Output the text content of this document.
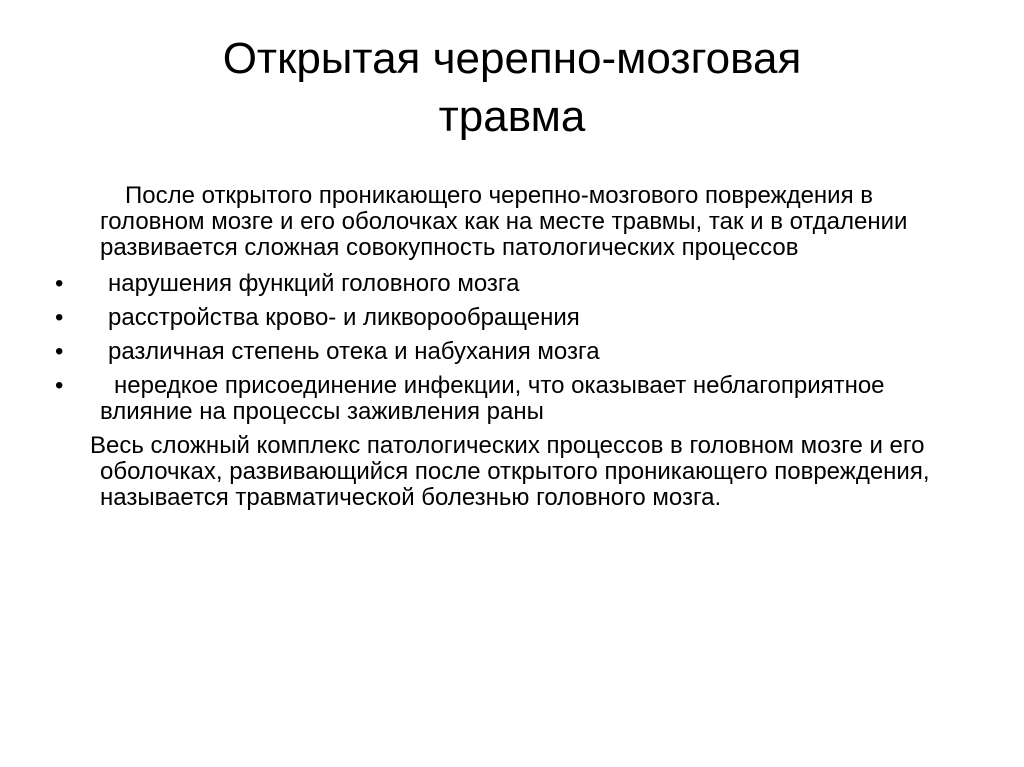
Открытая черепно-мозговая
травма

После открытого проникающего черепно-мозгового повреждения в головном мозге и его оболочках как на месте травмы, так и в отдалении развивается сложная совокупность патологических процессов

•	нарушения функций головного мозга
•	расстройства крово- и ликворообращения
•	различная степень отека и набухания мозга
•	нередкое присоединение инфекции, что оказывает неблагоприятное влияние на процессы заживления раны

Весь сложный комплекс патологических процессов в головном мозге и его оболочках, развивающийся после открытого проникающего повреждения, называется травматической болезнью головного мозга.
